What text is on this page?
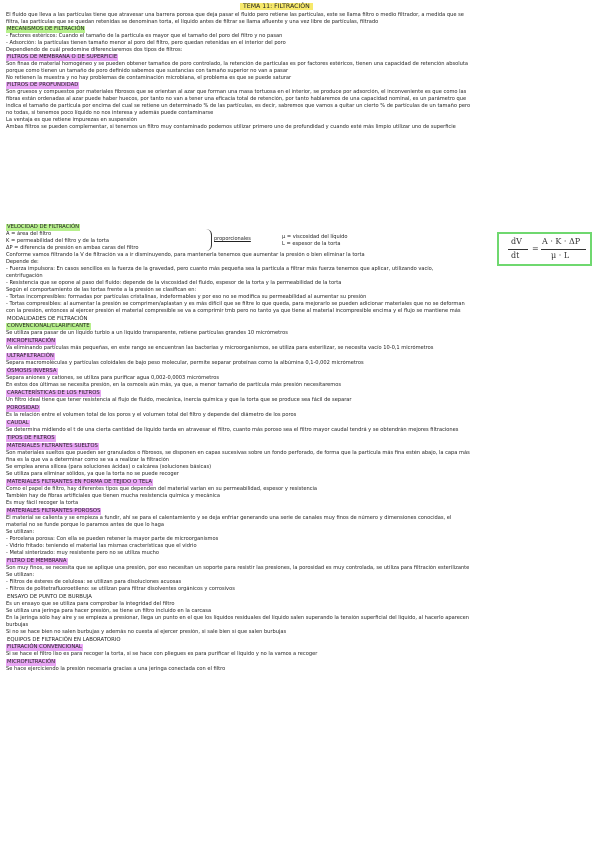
TEMA 11: FILTRACIÓN
El fluido que lleva a las partículas tiene que atravesar una barrera porosa que deja pasar el fluido pero retiene las partículas, este se llama filtro o medio filtrador, a medida que se
filtra, las partículas que se quedan retenidas se denominan torta, el líquido antes de filtrar se llama afluente y una vez libre de partículas, filtrado
MECANISMOS DE FILTRACIÓN
- Factores estéricos: Cuando el tamaño de la partícula es mayor que el tamaño del poro del filtro y no pasan
- Adsorción: la partículas tienen tamaño menor al poro del filtro, pero quedan retenidas en el interior del poro
Dependiendo de cuál predomine diferenciaremos dos tipos de filtros:
FILTROS DE MEMBRANA O DE SUPERFICIE
Son finas de material homogéneo y se pueden obtener tamaños de poro controlado, la retención de partículas es por factores estéricos, tienen una capacidad de retención absoluta
porque como tienen un tamaño de poro definido sabemos que sustancias con tamaño superior no van a pasar
No retienen la muestra y no hay problemas de contaminación microbiana, el problema es que se puede saturar
FILTROS DE PROFUNDIDAD
Son gruesos y compuestos por materiales fibrosos que se orientan al azar que forman una masa tortuosa en el interior, se produce por adsorción, el inconveniente es que como las
fibras están ordenadas al azar puede haber huecos, por tanto no van a tener una eficacia total de retención, por tanto hablaremos de una capacidad nominal, es un parámetro que
indica el tamaño de partícula por encima del cual se retiene un determinado % de las partículas, es decir, sabremos que vamos a quitar un cierto % de partículas de un tamaño pero
no todas, si tenemos poco líquido no nos interesa y además puede contaminarse
La ventaja es que retiene impurezas en suspensión
Ambas filtros se pueden complementar, si tenemos un filtro muy contaminado podemos utilizar primero uno de profundidad y cuando esté más limpio utilizar uno de superficie
VELOCIDAD DE FILTRACIÓN
A = área del filtro
K = permeabilidad del filtro y de la torta
ΔP = diferencia de presión en ambas caras del filtro
proporcionales	μ = viscosidad del líquido
L = espesor de la torta	dV
dt
=
A · K · ΔP
μ · L
Conforme vamos filtrando la V de filtración va a ir disminuyendo, para mantenerla tenemos que aumentar la presión o bien eliminar la torta
Depende de:
- Fuerza impulsora: En casos sencillos es la fuerza de la gravedad, pero cuanto más pequeña sea la partícula a filtrar más fuerza tenemos que aplicar, utilizando vacío,
centrifugación
- Resistencia que se opone al paso del fluido: depende de la viscosidad del fluido, espesor de la torta y la permeabilidad de la torta
Según el comportamiento de las tortas frente a la presión se clasifican en:
- Tortas incompresibles: formadas por partículas cristalinas, indeformables y por eso no se modifica su permeabilidad al aumentar su presión
- Tortas compresibles: al aumentar la presión se comprimen/aplastan y es más difícil que se filtre lo que queda, para mejorarlo se pueden adicionar materiales que no se deforman
con la presión, entonces al ejercer presión el material compresible se va a comprimir tmb pero no tanto ya que tiene al material incompresible encima y el flujo se mantiene más
MODALIDADES DE FILTRACIÓN
CONVENCIONAL/CLARIFICANTE
Se utiliza para pasar de un líquido turbio a un líquido transparente, retiene partículas grandes 10 micrómetros
MICROFILTRACIÓN
Va eliminando partículas más pequeñas, en este rango se encuentran las bacterias y microorganismos, se utiliza para esterilizar, se necesita vacío 10-0,1 micrómetros
ULTRAFILTRACIÓN
Separa macromoléculas y partículas coloidales de bajo peso molecular, permite separar proteínas como la albúmina 0,1-0,002 micrómetros
ÓSMOSIS INVERSA
Separa aniones y cationes, se utiliza para purificar agua 0,002-0,0003 micrómetros
En estos dos últimas se necesita presión, en la osmosis aún más, ya que, a menor tamaño de partícula más presión necesitaremos
CARACTERÍSTICAS DE LOS FILTROS
Un filtro ideal tiene que tener resistencia al flujo de fluido, mecánica, inercia química y que la torta que se produce sea fácil de separar
POROSIDAD
Es la relación entre el volumen total de los poros y el volumen total del filtro y depende del diámetro de los poros
CAUDAL
Se determina midiendo el t de una cierta cantidad de líquido tarda en atravesar el filtro, cuanto más poroso sea el filtro mayor caudal tendrá y se obtendrán mejores filtraciones
TIPOS DE FILTROS
MATERIALES FILTRANTES SUELTOS
Son materiales sueltos que pueden ser granulados o fibrosos, se disponen en capas sucesivas sobre un fondo perforado, de forma que la partícula más fina estén abajo, la capa más
fina es la que va a determinar como se va a realizar la filtración
Se emplea arena sílicea (para soluciones ácidas) o calcárea (soluciones básicas)
Se utiliza para eliminar sólidos, ya que la torta no se puede recoger
MATERIALES FILTRANTES EN FORMA DE TEJIDO O TELA
Como el papel de filtro, hay diferentes tipos que dependen del material varían en su permeabilidad, espesor y resistencia
También hay de fibras artificiales que tienen mucha resistencia química y mecánica
Es muy fácil recoger la torta
MATERIALES FILTRANTES POROSOS
El material se calienta y se empieza a fundir, ahí se para el calentamiento y se deja enfriar generando una serie de canales muy finos de número y dimensiones conocidas, el
material no se funde porque lo paramos antes de que lo haga
Se utilizan:
- Porcelana porosa: Con ella se pueden retener la mayor parte de microorganismos
- Vidrio fritado: teniendo el material las mismas cracterísticas que el vidrio
- Metal sinterizado: muy resistente pero no se utiliza mucho
FILTRO DE MEMBRANA
Son muy finos, se necesita que se aplique una presión, por eso necesitan un soporte para resistir las presiones, la porosidad es muy controlada, se utiliza para filtración esterilizante
Se utilizan:
- Filtros de ésteres de celulosa: se utilizan para disoluciones acuosas
- Filtros de politetrafluoroetileno: se utilizan para filtrar disolventes orgánicos y corrosivos
ENSAYO DE PUNTO DE BURBUJA
Es un ensayo que se utiliza para comprobar la integridad del filtro
Se utiliza una jeringa para hacer presión, se tiene un filtro incluido en la carcasa
En la jeringa sólo hay aire y se empieza a presionar, llega un punto en el que los líquidos residuales del líquido salen superando la tensión superficial del líquido, al hacerlo aparecen
burbujas
Si no se hace bien no salen burbujas y además no cuesta al ejercer presión, si sale bien si que salen burbujas
EQUIPOS DE FILTRACIÓN EN LABORATORIO
FILTRACIÓN CONVENCIONAL
Si se hace el filtro liso es para recoger la torta, si se hace con pliegues es para purificar el líquido y no la vamos a recoger
MICROFILTRACIÓN
Se hace ejerciciendo la presión necesaria gracias a una jeringa conectada con el filtro
